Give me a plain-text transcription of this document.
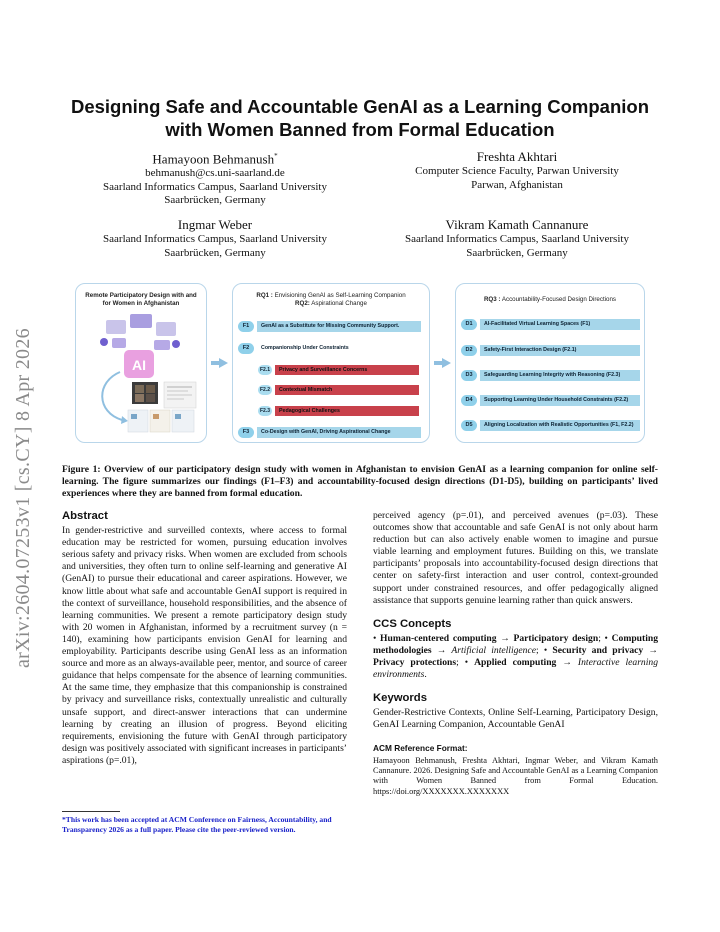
arXiv:2604.07253v1 [cs.CY] 8 Apr 2026
Designing Safe and Accountable GenAI as a Learning Companion with Women Banned from Formal Education
Hamayoon Behmanush*
behmanush@cs.uni-saarland.de
Saarland Informatics Campus, Saarland University
Saarbrücken, Germany
Freshta Akhtari
Computer Science Faculty, Parwan University
Parwan, Afghanistan
Ingmar Weber
Saarland Informatics Campus, Saarland University
Saarbrücken, Germany
Vikram Kamath Cannanure
Saarland Informatics Campus, Saarland University
Saarbrücken, Germany
Remote Participatory Design with and for Women in Afghanistan
AI
RQ1 : Envisioning GenAI as Self-Learning Companion
RQ2: Aspirational Change
F1	GenAI as a Substitute for Missing Community Support.
F2	Companionship Under Constraints
F2.1	Privacy and Surveillance Concerns
F2.2	Contextual Mismatch
F2.3	Pedagogical Challenges
F3	Co-Design with GenAI, Driving Aspirational Change
RQ3 : Accountability-Focused Design Directions
D1	AI-Facilitated Virtual Learning Spaces (F1)
D2	Safety-First Interaction Design (F2.1)
D3	Safeguarding Learning Integrity with Reasoning (F2.3)
D4	Supporting Learning Under Household Constraints (F2.2)
D5	Aligning Localization with Realistic Opportunities (F1, F2.2)
Figure 1: Overview of our participatory design study with women in Afghanistan to envision GenAI as a learning companion for online self-learning. The figure summarizes our findings (F1–F3) and accountability-focused design directions (D1-D5), building on participants’ lived experiences where they are banned from formal education.
Abstract

In gender-restrictive and surveilled contexts, where access to formal education may be restricted for women, pursuing education involves serious safety and privacy risks. When women are excluded from schools and universities, they often turn to online self-learning and generative AI (GenAI) to pursue their educational and career aspirations. However, we know little about what safe and accountable GenAI support is required in the context of surveillance, household responsibilities, and the absence of learning communities. We present a remote participatory design study with 20 women in Afghanistan, informed by a recruitment survey (n = 140), examining how participants envision GenAI for learning and employability. Participants describe using GenAI less as an information source and more as an always-available peer, mentor, and source of career guidance that helps compensate for the absence of learning communities. At the same time, they emphasize that this companionship is constrained by privacy and surveillance risks, contextually unrealistic and culturally unsafe support, and direct-answer interactions that can undermine learning by creating an illusion of progress. Beyond eliciting requirements, envisioning the future with GenAI through participatory design was positively associated with significant increases in participants’ aspirations (p=.01),

perceived agency (p=.01), and perceived avenues (p=.03). These outcomes show that accountable and safe GenAI is not only about harm reduction but can also actively enable women to imagine and pursue viable learning and employment futures. Building on this, we translate participants’ proposals into accountability-focused design directions that center on safety-first interaction and user control, context-grounded support under constrained resources, and offer pedagogically aligned assistance that supports genuine learning rather than quick answers.

CCS Concepts

• Human-centered computing → Participatory design; • Computing methodologies → Artificial intelligence; • Security and privacy → Privacy protections; • Applied computing → Interactive learning environments.

Keywords

Gender-Restrictive Contexts, Online Self-Learning, Participatory Design, GenAI Learning Companion, Accountable GenAI

ACM Reference Format:

Hamayoon Behmanush, Freshta Akhtari, Ingmar Weber, and Vikram Kamath Cannanure. 2026. Designing Safe and Accountable GenAI as a Learning Companion with Women Banned from Formal Education. https://doi.org/XXXXXXX.XXXXXXX

*This work has been accepted at ACM Conference on Fairness, Accountability, and Transparency 2026 as a full paper. Please cite the peer-reviewed version.
